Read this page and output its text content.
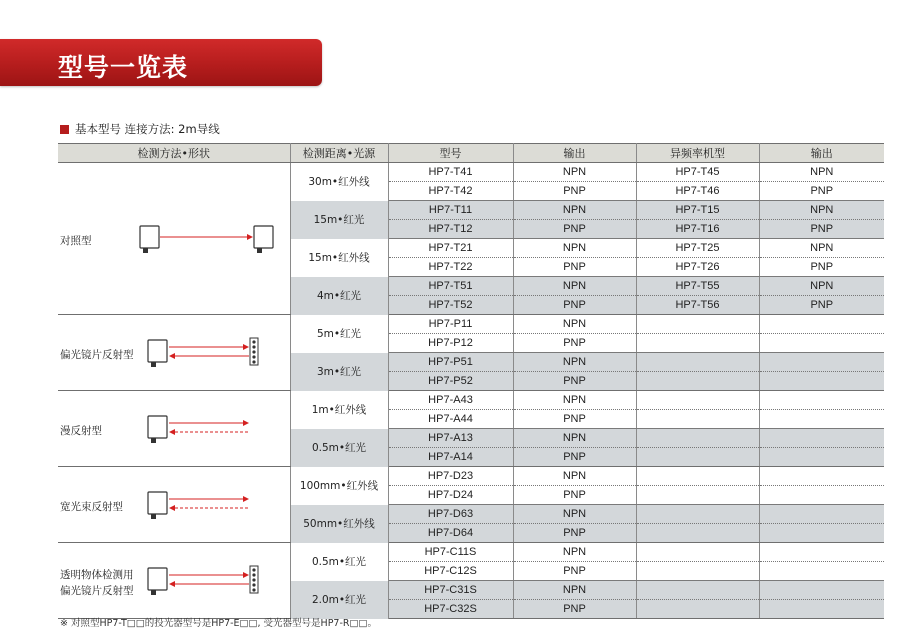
型号一览表
基本型号 连接方法: 2m导线
检测方法•形状	检测距离•光源	型号	输出	异频率机型	输出

对照型	30m•红外线	HP7-T41	NPN	HP7-T45	NPN
		HP7-T42	PNP	HP7-T46	PNP
	15m•红光	HP7-T11	NPN	HP7-T15	NPN
		HP7-T12	PNP	HP7-T16	PNP
	15m•红外线	HP7-T21	NPN	HP7-T25	NPN
		HP7-T22	PNP	HP7-T26	PNP
	4m•红光	HP7-T51	NPN	HP7-T55	NPN
		HP7-T52	PNP	HP7-T56	PNP

偏光镜片反射型	5m•红光	HP7-P11	NPN		
		HP7-P12	PNP		
	3m•红光	HP7-P51	NPN		
		HP7-P52	PNP		

漫反射型	1m•红外线	HP7-A43	NPN		
		HP7-A44	PNP		
	0.5m•红光	HP7-A13	NPN		
		HP7-A14	PNP		

宽光束反射型	100mm•红外线	HP7-D23	NPN		
		HP7-D24	PNP		
	50mm•红外线	HP7-D63	NPN		
		HP7-D64	PNP		

透明物体检测用
偏光镜片反射型	0.5m•红光	HP7-C11S	NPN		
		HP7-C12S	PNP		
	2.0m•红光	HP7-C31S	NPN		
		HP7-C32S	PNP		
※ 对照型HP7-T□□的投光器型号是HP7-E□□, 受光器型号是HP7-R□□。
